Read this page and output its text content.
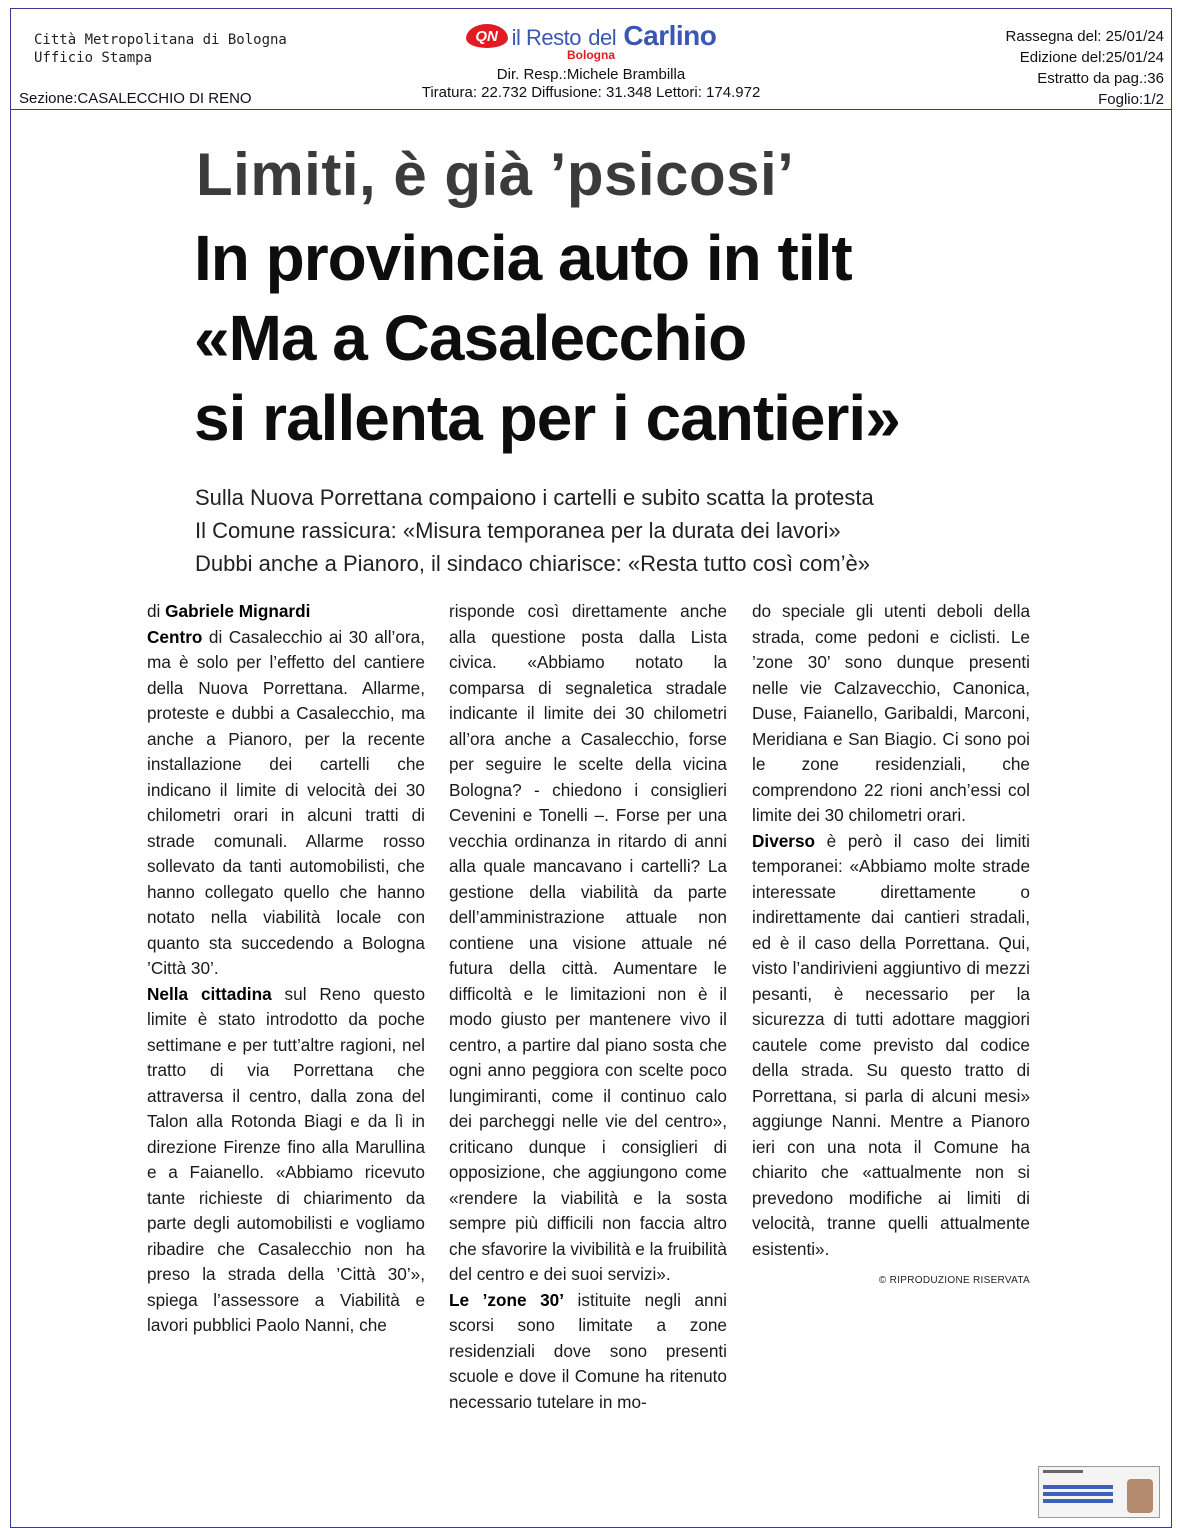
Città Metropolitana di Bologna
Ufficio Stampa
Sezione:CASALECCHIO DI RENO
QN il Resto del Carlino
Bologna
Dir. Resp.:Michele Brambilla
Tiratura: 22.732 Diffusione: 31.348 Lettori: 174.972
Rassegna del: 25/01/24
Edizione del:25/01/24
Estratto da pag.:36
Foglio:1/2
Limiti, è già ’psicosi’
In provincia auto in tilt
«Ma a Casalecchio
si rallenta per i cantieri»
Sulla Nuova Porrettana compaiono i cartelli e subito scatta la protesta
Il Comune rassicura: «Misura temporanea per la durata dei lavori»
Dubbi anche a Pianoro, il sindaco chiarisce: «Resta tutto così com’è»

di Gabriele Mignardi

Centro di Casalecchio ai 30 all’ora, ma è solo per l’effetto del cantiere della Nuova Porrettana. Allarme, proteste e dubbi a Casalecchio, ma anche a Pianoro, per la recente installazione dei cartelli che indicano il limite di velocità dei 30 chilometri orari in alcuni tratti di strade comunali. Allarme rosso sollevato da tanti automobilisti, che hanno collegato quello che hanno notato nella viabilità locale con quanto sta succedendo a Bologna ’Città 30’.

Nella cittadina sul Reno questo limite è stato introdotto da poche settimane e per tutt’altre ragioni, nel tratto di via Porrettana che attraversa il centro, dalla zona del Talon alla Rotonda Biagi e da lì in direzione Firenze fino alla Marullina e a Faianello. «Abbiamo ricevuto tante richieste di chiarimento da parte degli automobilisti e vogliamo ribadire che Casalecchio non ha preso la strada della ’Città 30’», spiega l’assessore a Viabilità e lavori pubblici Paolo Nanni, che

risponde così direttamente anche alla questione posta dalla Lista civica. «Abbiamo notato la comparsa di segnaletica stradale indicante il limite dei 30 chilometri all’ora anche a Casalecchio, forse per seguire le scelte della vicina Bologna? - chiedono i consiglieri Cevenini e Tonelli –. Forse per una vecchia ordinanza in ritardo di anni alla quale mancavano i cartelli? La gestione della viabilità da parte dell’amministrazione attuale non contiene una visione attuale né futura della città. Aumentare le difficoltà e le limitazioni non è il modo giusto per mantenere vivo il centro, a partire dal piano sosta che ogni anno peggiora con scelte poco lungimiranti, come il continuo calo dei parcheggi nelle vie del centro», criticano dunque i consiglieri di opposizione, che aggiungono come «rendere la viabilità e la sosta sempre più difficili non faccia altro che sfavorire la vivibilità e la fruibilità del centro e dei suoi servizi».

Le ’zone 30’ istituite negli anni scorsi sono limitate a zone residenziali dove sono presenti scuole e dove il Comune ha ritenuto necessario tutelare in mo-

do speciale gli utenti deboli della strada, come pedoni e ciclisti. Le ’zone 30’ sono dunque presenti nelle vie Calzavecchio, Canonica, Duse, Faianello, Garibaldi, Marconi, Meridiana e San Biagio. Ci sono poi le zone residenziali, che comprendono 22 rioni anch’essi col limite dei 30 chilometri orari.

Diverso è però il caso dei limiti temporanei: «Abbiamo molte strade interessate direttamente o indirettamente dai cantieri stradali, ed è il caso della Porrettana. Qui, visto l’andirivieni aggiuntivo di mezzi pesanti, è necessario per la sicurezza di tutti adottare maggiori cautele come previsto dal codice della strada. Su questo tratto di Porrettana, si parla di alcuni mesi» aggiunge Nanni. Mentre a Pianoro ieri con una nota il Comune ha chiarito che «attualmente non si prevedono modifiche ai limiti di velocità, tranne quelli attualmente esistenti».

© RIPRODUZIONE RISERVATA
